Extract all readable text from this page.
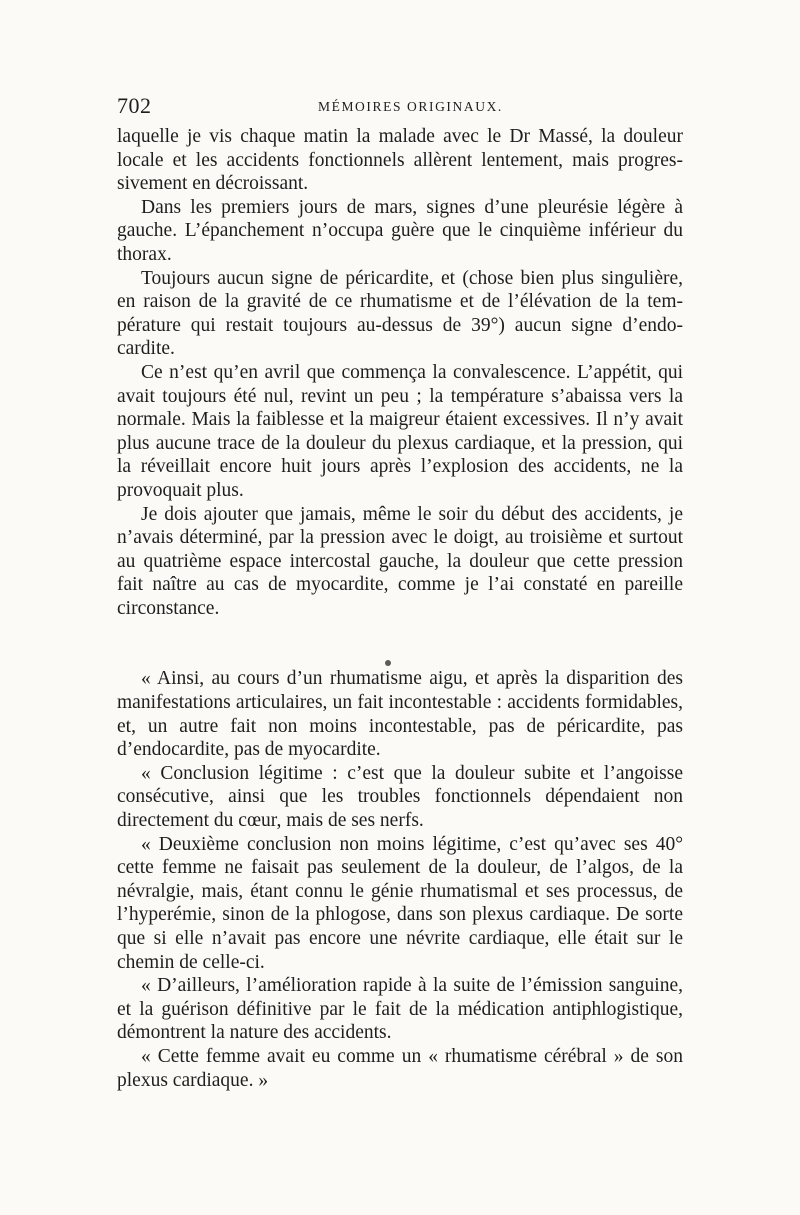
702	MÉMOIRES ORIGINAUX.

laquelle je vis chaque matin la malade avec le Dr Massé, la douleur locale et les accidents fonctionnels allèrent lentement, mais progressivement en décroissant.

Dans les premiers jours de mars, signes d’une pleurésie légère à gauche. L’épanchement n’occupa guère que le cinquième inférieur du thorax.

Toujours aucun signe de péricardite, et (chose bien plus singulière, en raison de la gravité de ce rhumatisme et de l’élévation de la température qui restait toujours au-dessus de 39°) aucun signe d’endocardite.

Ce n’est qu’en avril que commença la convalescence. L’appétit, qui avait toujours été nul, revint un peu ; la température s’abaissa vers la normale. Mais la faiblesse et la maigreur étaient excessives. Il n’y avait plus aucune trace de la douleur du plexus cardiaque, et la pression, qui la réveillait encore huit jours après l’explosion des accidents, ne la provoquait plus.

Je dois ajouter que jamais, même le soir du début des accidents, je n’avais déterminé, par la pression avec le doigt, au troisième et surtout au quatrième espace intercostal gauche, la douleur que cette pression fait naître au cas de myocardite, comme je l’ai constaté en pareille circonstance.

« Ainsi, au cours d’un rhumatisme aigu, et après la disparition des manifestations articulaires, un fait incontestable : accidents formidables, et, un autre fait non moins incontestable, pas de péricardite, pas d’endocardite, pas de myocardite.

« Conclusion légitime : c’est que la douleur subite et l’angoisse consécutive, ainsi que les troubles fonctionnels dépendaient non directement du cœur, mais de ses nerfs.

« Deuxième conclusion non moins légitime, c’est qu’avec ses 40° cette femme ne faisait pas seulement de la douleur, de l’algos, de la névralgie, mais, étant connu le génie rhumatismal et ses processus, de l’hyperémie, sinon de la phlogose, dans son plexus cardiaque. De sorte que si elle n’avait pas encore une névrite cardiaque, elle était sur le chemin de celle-ci.

« D’ailleurs, l’amélioration rapide à la suite de l’émission sanguine, et la guérison définitive par le fait de la médication antiphlogistique, démontrent la nature des accidents.

« Cette femme avait eu comme un « rhumatisme cérébral » de son plexus cardiaque. »
